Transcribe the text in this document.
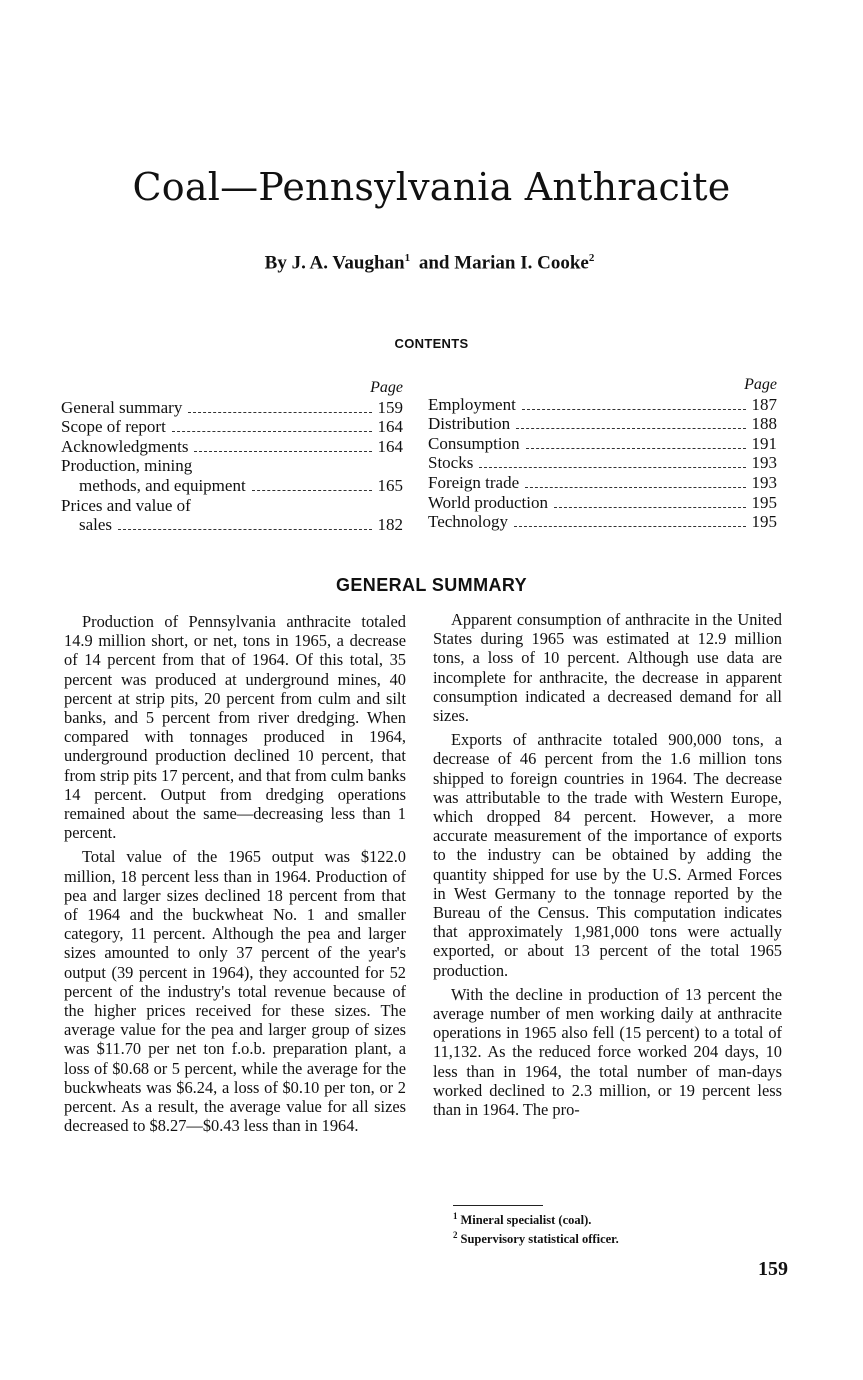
Coal—Pennsylvania Anthracite
By J. A. Vaughan$^1$ and Marian I. Cooke$^2$
CONTENTS
Page
General summary	159
Scope of report	164
Acknowledgments	164
Production, mining
methods, and equipment	165
Prices and value of
sales	182
Page
Employment	187
Distribution	188
Consumption	191
Stocks	193
Foreign trade	193
World production	195
Technology	195
GENERAL SUMMARY

Production of Pennsylvania anthracite totaled 14.9 million short, or net, tons in 1965, a decrease of 14 percent from that of 1964. Of this total, 35 percent was produced at underground mines, 40 percent at strip pits, 20 percent from culm and silt banks, and 5 percent from river dredging. When compared with tonnages produced in 1964, underground production declined 10 percent, that from strip pits 17 percent, and that from culm banks 14 percent. Output from dredging operations remained about the same—decreasing less than 1 percent.

Total value of the 1965 output was $122.0 million, 18 percent less than in 1964. Production of pea and larger sizes declined 18 percent from that of 1964 and the buckwheat No. 1 and smaller category, 11 percent. Although the pea and larger sizes amounted to only 37 percent of the year's output (39 percent in 1964), they accounted for 52 percent of the industry's total revenue because of the higher prices received for these sizes. The average value for the pea and larger group of sizes was $11.70 per net ton f.o.b. preparation plant, a loss of $0.68 or 5 percent, while the average for the buckwheats was $6.24, a loss of $0.10 per ton, or 2 percent. As a result, the average value for all sizes decreased to $8.27—$0.43 less than in 1964.

Apparent consumption of anthracite in the United States during 1965 was estimated at 12.9 million tons, a loss of 10 percent. Although use data are incomplete for anthracite, the decrease in apparent consumption indicated a decreased demand for all sizes.

Exports of anthracite totaled 900,000 tons, a decrease of 46 percent from the 1.6 million tons shipped to foreign countries in 1964. The decrease was attributable to the trade with Western Europe, which dropped 84 percent. However, a more accurate measurement of the importance of exports to the industry can be obtained by adding the quantity shipped for use by the U.S. Armed Forces in West Germany to the tonnage reported by the Bureau of the Census. This computation indicates that approximately 1,981,000 tons were actually exported, or about 13 percent of the total 1965 production.

With the decline in production of 13 percent the average number of men working daily at anthracite operations in 1965 also fell (15 percent) to a total of 11,132. As the reduced force worked 204 days, 10 less than in 1964, the total number of man-days worked declined to 2.3 million, or 19 percent less than in 1964. The pro-

$^1$ Mineral specialist (coal).
$^2$ Supervisory statistical officer.
159
